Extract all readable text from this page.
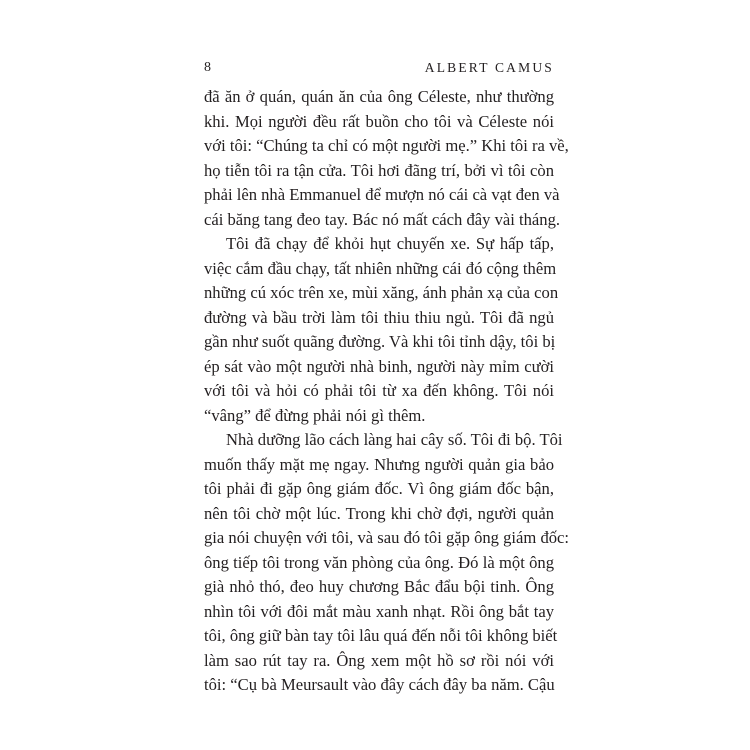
8	ALBERT CAMUS
đã ăn ở quán, quán ăn của ông Céleste, như thường
khi. Mọi người đều rất buồn cho tôi và Céleste nói
với tôi: “Chúng ta chỉ có một người mẹ.” Khi tôi ra về,
họ tiễn tôi ra tận cửa. Tôi hơi đãng trí, bởi vì tôi còn
phải lên nhà Emmanuel để mượn nó cái cà vạt đen và
cái băng tang đeo tay. Bác nó mất cách đây vài tháng.
Tôi đã chạy để khỏi hụt chuyến xe. Sự hấp tấp,
việc cắm đầu chạy, tất nhiên những cái đó cộng thêm
những cú xóc trên xe, mùi xăng, ánh phản xạ của con
đường và bầu trời làm tôi thiu thiu ngủ. Tôi đã ngủ
gần như suốt quãng đường. Và khi tôi tỉnh dậy, tôi bị
ép sát vào một người nhà binh, người này mỉm cười
với tôi và hỏi có phải tôi từ xa đến không. Tôi nói
“vâng” để đừng phải nói gì thêm.
Nhà dưỡng lão cách làng hai cây số. Tôi đi bộ. Tôi
muốn thấy mặt mẹ ngay. Nhưng người quản gia bảo
tôi phải đi gặp ông giám đốc. Vì ông giám đốc bận,
nên tôi chờ một lúc. Trong khi chờ đợi, người quản
gia nói chuyện với tôi, và sau đó tôi gặp ông giám đốc:
ông tiếp tôi trong văn phòng của ông. Đó là một ông
già nhỏ thó, đeo huy chương Bắc đẩu bội tinh. Ông
nhìn tôi với đôi mắt màu xanh nhạt. Rồi ông bắt tay
tôi, ông giữ bàn tay tôi lâu quá đến nỗi tôi không biết
làm sao rút tay ra. Ông xem một hồ sơ rồi nói với
tôi: “Cụ bà Meursault vào đây cách đây ba năm. Cậu
